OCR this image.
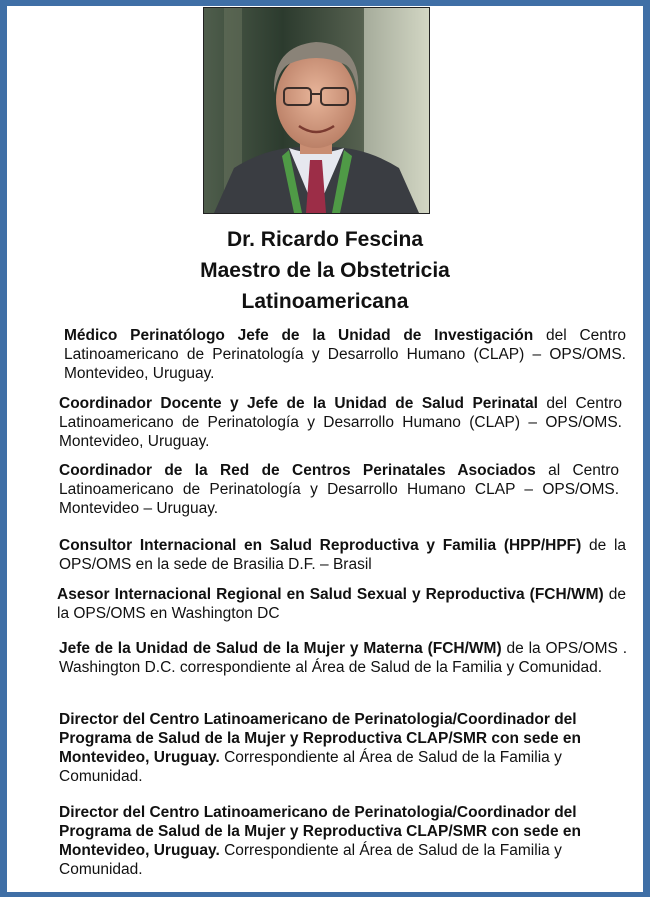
Dr. Ricardo Fescina
Maestro de la Obstetricia
Latinoamericana
Médico Perinatólogo Jefe de la Unidad de Investigación del Centro Latinoamericano de Perinatología y Desarrollo Humano (CLAP) – OPS/OMS. Montevideo, Uruguay.
Coordinador Docente y Jefe de la Unidad de Salud Perinatal del Centro Latinoamericano de Perinatología y Desarrollo Humano (CLAP) – OPS/OMS. Montevideo, Uruguay.
Coordinador de la Red de Centros Perinatales Asociados al Centro Latinoamericano de Perinatología y Desarrollo Humano CLAP – OPS/OMS. Montevideo – Uruguay.
Consultor Internacional en Salud Reproductiva y Familia (HPP/HPF) de la OPS/OMS en la sede de Brasilia D.F. – Brasil
Asesor Internacional Regional en Salud Sexual y Reproductiva (FCH/WM) de la OPS/OMS en Washington DC
Jefe de la Unidad de Salud de la Mujer y Materna (FCH/WM) de la OPS/OMS . Washington D.C. correspondiente al Área de Salud de la Familia y Comunidad.
Director del Centro Latinoamericano de Perinatologia/Coordinador del Programa de Salud de la Mujer y Reproductiva CLAP/SMR con sede en Montevideo, Uruguay. Correspondiente al Área de Salud de la Familia y Comunidad.
Director del Centro Latinoamericano de Perinatologia/Coordinador del Programa de Salud de la Mujer y Reproductiva CLAP/SMR con sede en Montevideo, Uruguay. Correspondiente al Área de Salud de la Familia y Comunidad.
